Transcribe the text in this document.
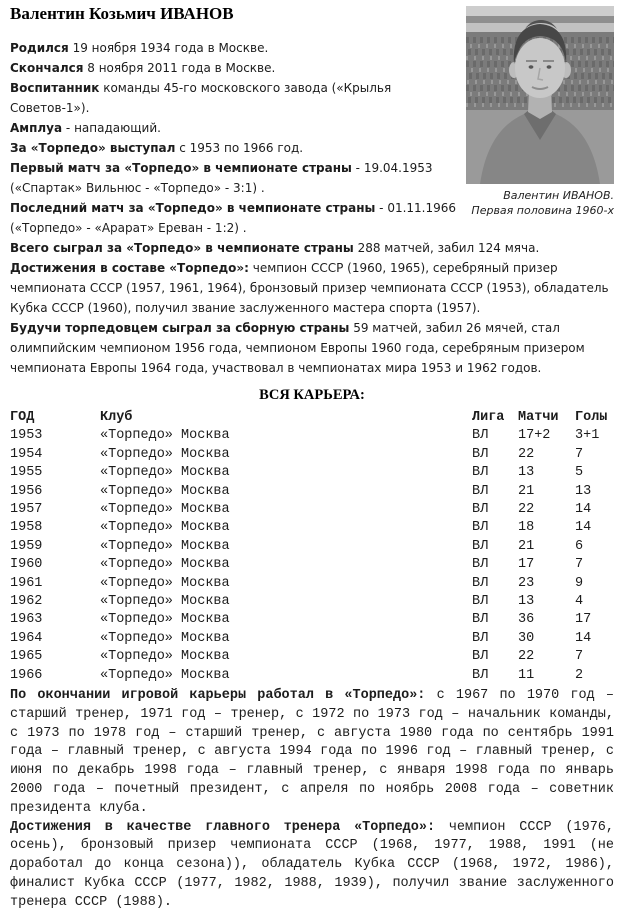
Валентин ИВАНОВ.
Первая половина 1960-х
Валентин Козьмич ИВАНОВ

Родился 19 ноября 1934 года в Москве.

Скончался 8 ноября 2011 года в Москве.

Воспитанник команды 45-го московского завода («Крылья Советов-1»).

Амплуа - нападающий.

За «Торпедо» выступал с 1953 по 1966 год.

Первый матч за «Торпедо» в чемпионате страны - 19.04.1953 («Спартак» Вильнюс - «Торпедо» - 3:1) .

Последний матч за «Торпедо» в чемпионате страны - 01.11.1966 («Торпедо» - «Арарат» Ереван - 1:2) .

Всего сыграл за «Торпедо» в чемпионате страны 288 матчей, забил 124 мяча.

Достижения в составе «Торпедо»: чемпион СССР (1960, 1965), серебряный призер чемпионата СССР (1957, 1961, 1964), бронзовый призер чемпионата СССР (1953), обладатель Кубка СССР (1960), получил звание заслуженного мастера спорта (1957).

Будучи торпедовцем сыграл за сборную страны 59 матчей, забил 26 мячей, стал олимпийским чемпионом 1956 года, чемпионом Европы 1960 года, серебряным призером чемпионата Европы 1964 года, участвовал в чемпионатах мира 1953 и 1962 годов.

ВСЯ КАРЬЕРА:
ГОД	Клуб	Лига	Матчи	Голы
1953	«Торпедо» Москва	ВЛ	17+2	3+1
1954	«Торпедо» Москва	ВЛ	22	7
1955	«Торпедо» Москва	ВЛ	13	5
1956	«Торпедо» Москва	ВЛ	21	13
1957	«Торпедо» Москва	ВЛ	22	14
1958	«Торпедо» Москва	ВЛ	18	14
1959	«Торпедо» Москва	ВЛ	21	6
I960	«Торпедо» Москва	ВЛ	17	7
1961	«Торпедо» Москва	ВЛ	23	9
1962	«Торпедо» Москва	ВЛ	13	4
1963	«Торпедо» Москва	ВЛ	36	17
1964	«Торпедо» Москва	ВЛ	30	14
1965	«Торпедо» Москва	ВЛ	22	7
1966	«Торпедо» Москва	ВЛ	11	2

По окончании игровой карьеры работал в «Торпедо»: с 1967 по 1970 год – старший тренер, 1971 год – тренер, с 1972 по 1973 год – начальник команды, с 1973 по 1978 год – старший тренер, с августа 1980 года по сентябрь 1991 года – главный тренер, с августа 1994 года по 1996 год – главный тренер, с июня по декабрь 1998 года – главный тренер, с января 1998 года по январь 2000 года – почетный президент, с апреля по ноябрь 2008 года – советник президента клуба.

Достижения в качестве главного тренера «Торпедо»: чемпион СССР (1976, осень), бронзовый призер чемпионата СССР (1968, 1977, 1988, 1991 (не доработал до конца сезона)), обладатель Кубка СССР (1968, 1972, 1986), финалист Кубка СССР (1977, 1982, 1988, 1939), получил звание заслуженного тренера СССР (1988).
